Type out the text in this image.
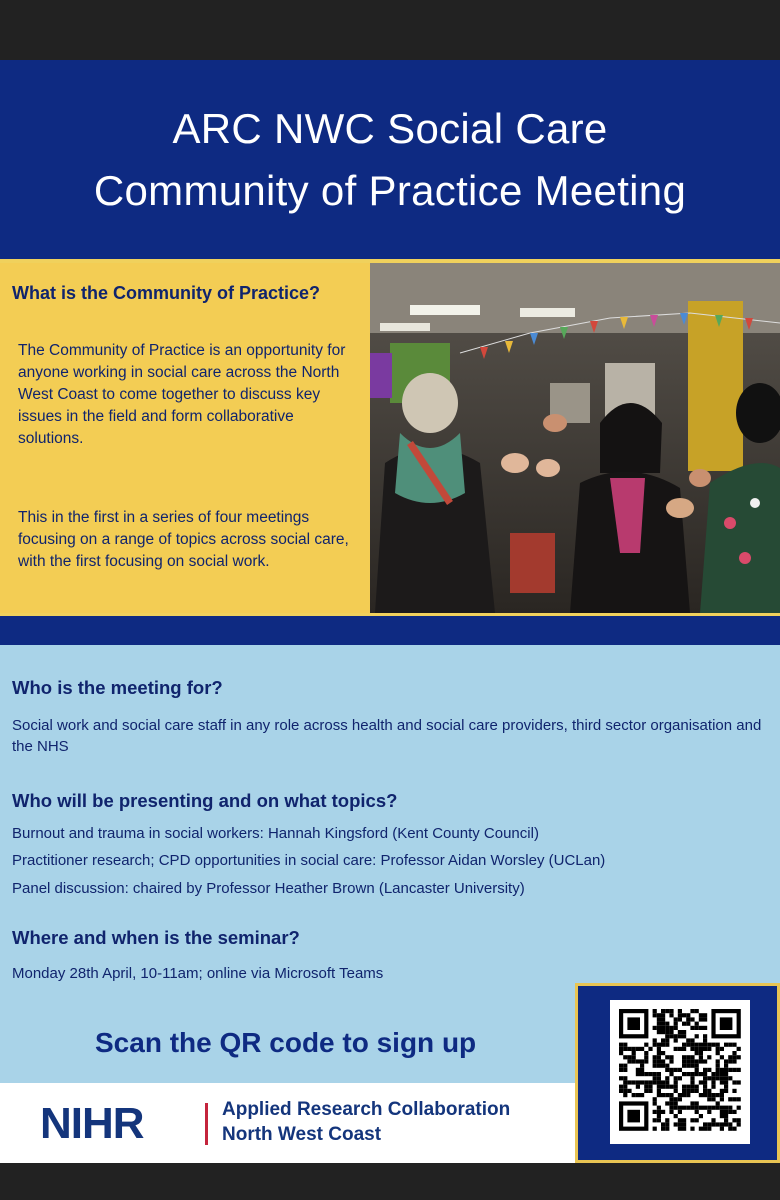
ARC NWC Social Care
Community of Practice Meeting
What is the Community of Practice?

The Community of Practice is an opportunity for anyone working in social care across the North West Coast to come together to discuss key issues in the field and form collaborative solutions.

This in the first in a series of four meetings focusing on a range of topics across social care, with the first focusing on social work.

Who is the meeting for?

Social work and social care staff in any role across health and social care providers, third sector organisation and the NHS

Who will be presenting and on what topics?

Burnout and trauma in social workers: Hannah Kingsford (Kent County Council)

Practitioner research; CPD opportunities in social care: Professor Aidan Worsley (UCLan)

Panel discussion: chaired by Professor Heather Brown (Lancaster University)

Where and when is the seminar?

Monday 28th April, 10-11am; online via Microsoft Teams

Scan the QR code to sign up

NIHR	Applied Research Collaboration
North West Coast
